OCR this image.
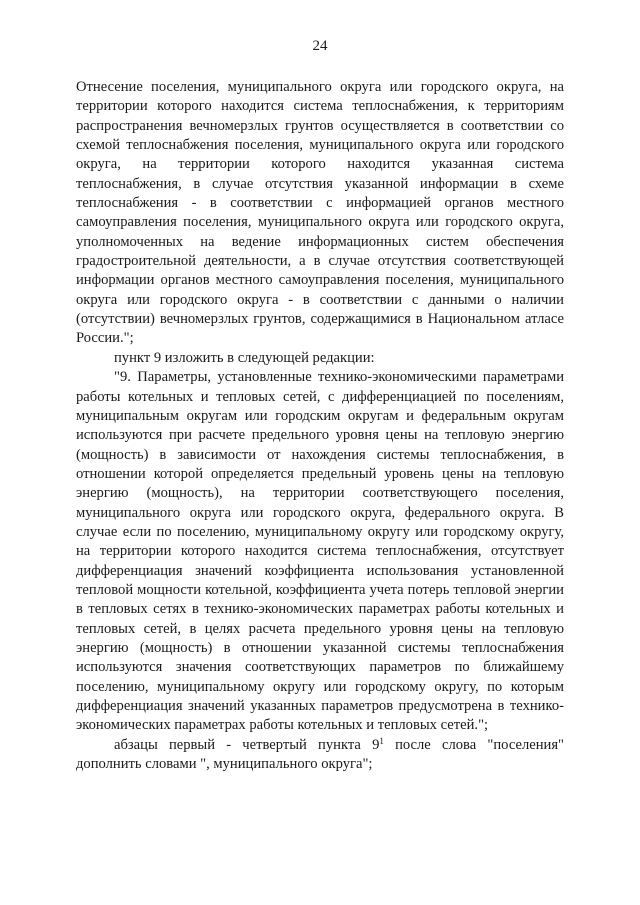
24

Отнесение поселения, муниципального округа или городского округа, на территории которого находится система теплоснабжения, к территориям распространения вечномерзлых грунтов осуществляется в соответствии со схемой теплоснабжения поселения, муниципального округа или городского округа, на территории которого находится указанная система теплоснабжения, в случае отсутствия указанной информации в схеме теплоснабжения - в соответствии с информацией органов местного самоуправления поселения, муниципального округа или городского округа, уполномоченных на ведение информационных систем обеспечения градостроительной деятельности, а в случае отсутствия соответствующей информации органов местного самоуправления поселения, муниципального округа или городского округа - в соответствии с данными о наличии (отсутствии) вечномерзлых грунтов, содержащимися в Национальном атласе России.";

пункт 9 изложить в следующей редакции:

"9. Параметры, установленные технико-экономическими параметрами работы котельных и тепловых сетей, с дифференциацией по поселениям, муниципальным округам или городским округам и федеральным округам используются при расчете предельного уровня цены на тепловую энергию (мощность) в зависимости от нахождения системы теплоснабжения, в отношении которой определяется предельный уровень цены на тепловую энергию (мощность), на территории соответствующего поселения, муниципального округа или городского округа, федерального округа. В случае если по поселению, муниципальному округу или городскому округу, на территории которого находится система теплоснабжения, отсутствует дифференциация значений коэффициента использования установленной тепловой мощности котельной, коэффициента учета потерь тепловой энергии в тепловых сетях в технико-экономических параметрах работы котельных и тепловых сетей, в целях расчета предельного уровня цены на тепловую энергию (мощность) в отношении указанной системы теплоснабжения используются значения соответствующих параметров по ближайшему поселению, муниципальному округу или городскому округу, по которым дифференциация значений указанных параметров предусмотрена в технико-экономических параметрах работы котельных и тепловых сетей.";

абзацы первый - четвертый пункта $9^1$ после слова "поселения" дополнить словами ", муниципального округа";
